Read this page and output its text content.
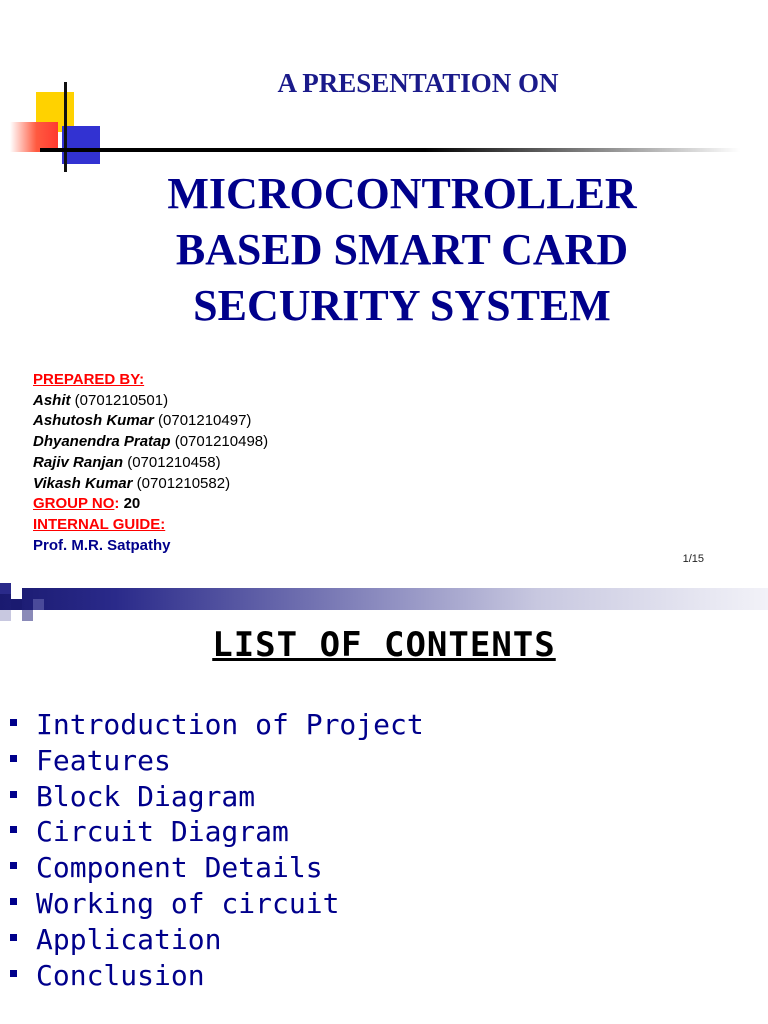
A PRESENTATION ON
MICROCONTROLLER
BASED SMART CARD
SECURITY SYSTEM
PREPARED BY:
Ashit (0701210501)
Ashutosh Kumar (0701210497)
Dhyanendra Pratap (0701210498)
Rajiv Ranjan (0701210458)
Vikash Kumar (0701210582)
GROUP NO: 20
INTERNAL GUIDE:
Prof. M.R. Satpathy
1/15
LIST OF CONTENTS
Introduction of Project
Features
Block Diagram
Circuit Diagram
Component Details
Working of circuit
Application
Conclusion
